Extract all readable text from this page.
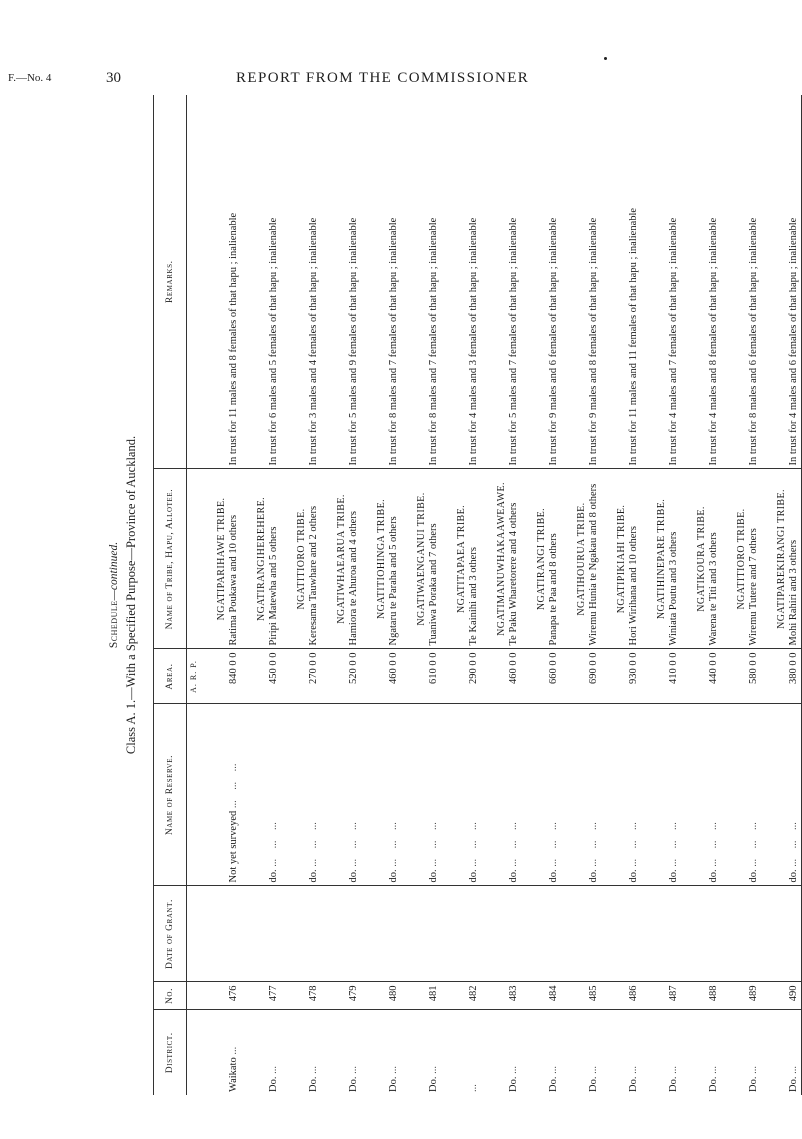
F.—No. 4	30	REPORT FROM THE COMMISSIONER
Schedule—continued. Class A. 1.—With a Specified Purpose—Province of Auckland.
District.	No.	Date of Grant.	Name of Reserve.	Area.	Name of Tribe, Hapu, Allotee.	Remarks.
				A. R. P.		
Waikato ...	476		Not yet surveyed ...    ...    ...	840 0 0	NGATIPARIHAWE TRIBE. Ratima Poukawa and 10 others	In trust for 11 males and 8 females of that hapu ; inalienable
Do. ...	477		do. ...    ...    ...	450 0 0	NGATIRANGIHEREHERE. Piripi Matewha and 5 others	In trust for 6 males and 5 females of that hapu ; inalienable
Do. ...	478		do. ...    ...    ...	270 0 0	NGATITIORO TRIBE. Keresama Tauwhare and 2 others	In trust for 3 males and 4 females of that hapu ; inalienable
Do. ...	479		do. ...    ...    ...	520 0 0	NGATIWHAEARUA TRIBE. Hamiora te Ahuroa and 4 others	In trust for 5 males and 9 females of that hapu ; inalienable
Do. ...	480		do. ...    ...    ...	460 0 0	NGATITIOHINGA TRIBE. Ngataru te Paraha and 5 others	In trust for 8 males and 7 females of that hapu ; inalienable
Do. ...	481		do. ...    ...    ...	610 0 0	NGATIWAENGANUI TRIBE. Tuaniwa Poraka and 7 others	In trust for 8 males and 7 females of that hapu ; inalienable
...	482		do. ...    ...    ...	290 0 0	NGATITAPAEA TRIBE. Te Kainihi and 3 others	In trust for 4 males and 3 females of that hapu ; inalienable
Do. ...	483		do. ...    ...    ...	460 0 0	NGATIMANUWHAKAAWEAWE. Te Paku Wharetorere and 4 others	In trust for 5 males and 7 females of that hapu ; inalienable
Do. ...	484		do. ...    ...    ...	660 0 0	NGATIRANGI TRIBE. Panapa te Paa and 8 others	In trust for 9 males and 6 females of that hapu ; inalienable
Do. ...	485		do. ...    ...    ...	690 0 0	NGATIHOURUA TRIBE. Wiremu Hunia te Ngakau and 8 others	In trust for 9 males and 8 females of that hapu ; inalienable
Do. ...	486		do. ...    ...    ...	930 0 0	NGATIPIKIAHI TRIBE. Hori Wirihana and 10 others	In trust for 11 males and 11 females of that hapu ; inalienable
Do. ...	487		do. ...    ...    ...	410 0 0	NGATIHINEPARE TRIBE. Winiata Poutu and 3 others	In trust for 4 males and 7 females of that hapu ; inalienable
Do. ...	488		do. ...    ...    ...	440 0 0	NGATIKOURA TRIBE. Warena te Titi and 3 others	In trust for 4 males and 8 females of that hapu ; inalienable
Do. ...	489		do. ...    ...    ...	580 0 0	NGATITIORO TRIBE. Wiremu Tutere and 7 others	In trust for 8 males and 6 females of that hapu ; inalienable
Do. ...	490		do. ...    ...    ...	380 0 0	NGATIPAREKIRANGI TRIBE. Mohi Rahiri and 3 others	In trust for 4 males and 6 females of that hapu ; inalienable
